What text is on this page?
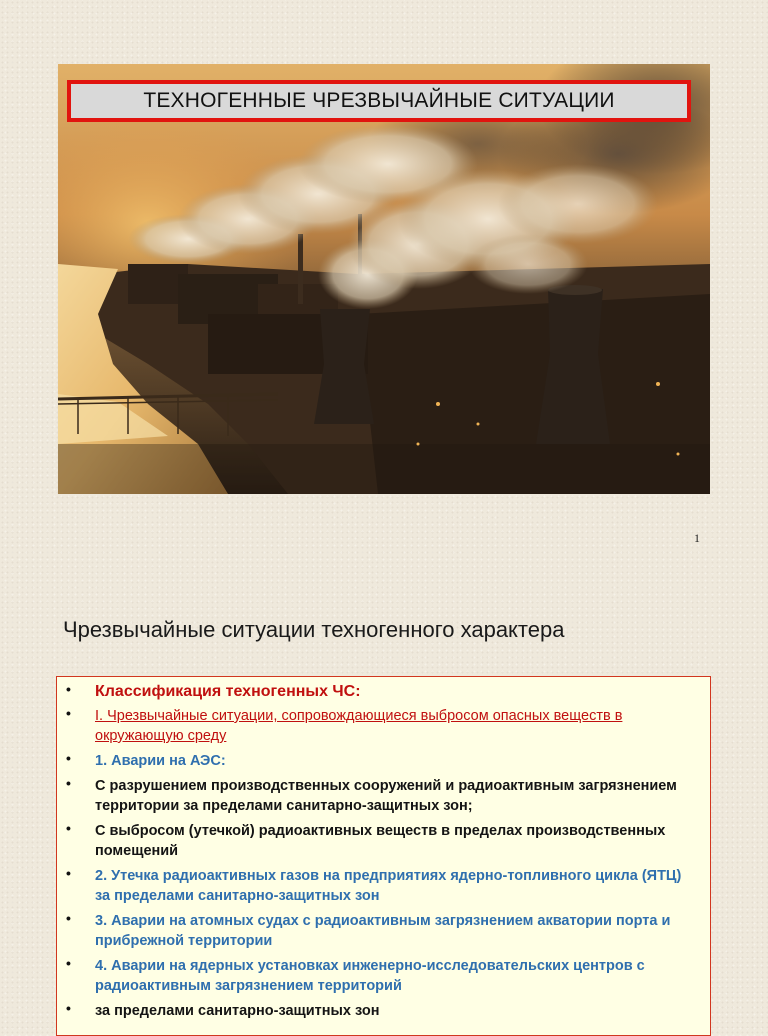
ТЕХНОГЕННЫЕ ЧРЕЗВЫЧАЙНЫЕ СИТУАЦИИ
1
Чрезвычайные ситуации техногенного характера
• Классификация техногенных ЧС:
• I. Чрезвычайные ситуации, сопровождающиеся выбросом опасных веществ в окружающую среду
• 1. Аварии на АЭС:
• С разрушением производственных сооружений и радиоактивным загрязнением территории за пределами санитарно-защитных зон;
• С выбросом (утечкой) радиоактивных веществ в пределах производственных помещений
• 2. Утечка радиоактивных газов на предприятиях ядерно-топливного цикла (ЯТЦ) за пределами санитарно-защитных зон
• 3. Аварии на атомных судах с радиоактивным загрязнением акватории порта и прибрежной территории
• 4. Аварии на ядерных установках инженерно-исследовательских центров с радиоактивным загрязнением территорий
• за пределами санитарно-защитных зон
